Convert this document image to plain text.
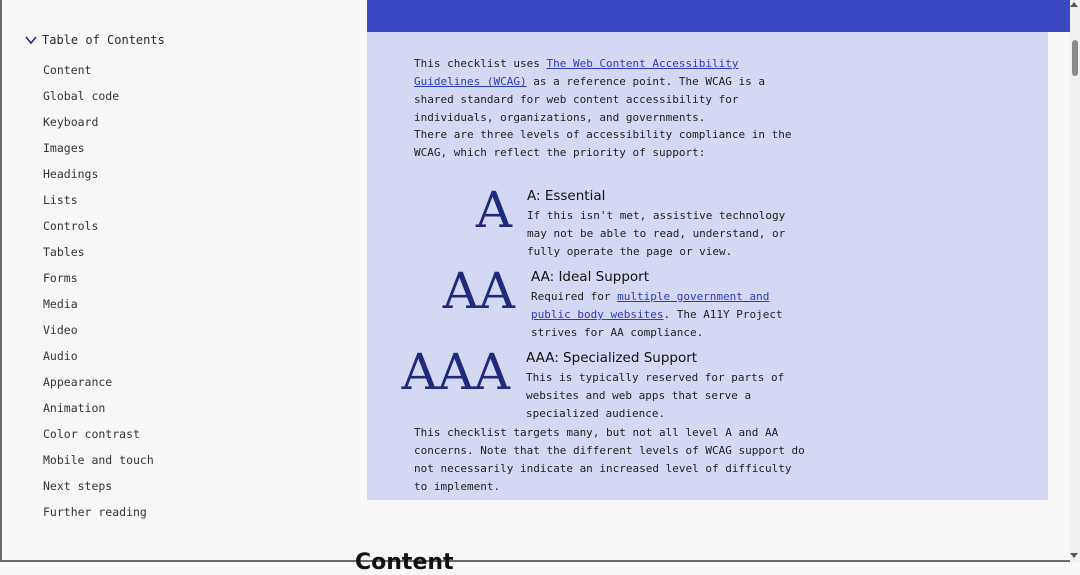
Table of Contents
Content
Global code
Keyboard
Images
Headings
Lists
Controls
Tables
Forms
Media
Video
Audio
Appearance
Animation
Color contrast
Mobile and touch
Next steps
Further reading

This checklist uses The Web Content Accessibility Guidelines (WCAG) as a reference point. The WCAG is a shared standard for web content accessibility for individuals, organizations, and governments.

There are three levels of accessibility compliance in the WCAG, which reflect the priority of support:

A A: Essential
If this isn't met, assistive technology may not be able to read, understand, or fully operate the page or view.
AA AA: Ideal Support
Required for multiple government and public body websites. The A11Y Project strives for AA compliance.
AAA AAA: Specialized Support
This is typically reserved for parts of websites and web apps that serve a specialized audience.

This checklist targets many, but not all level A and AA concerns. Note that the different levels of WCAG support do not necessarily indicate an increased level of difficulty to implement.

Content
